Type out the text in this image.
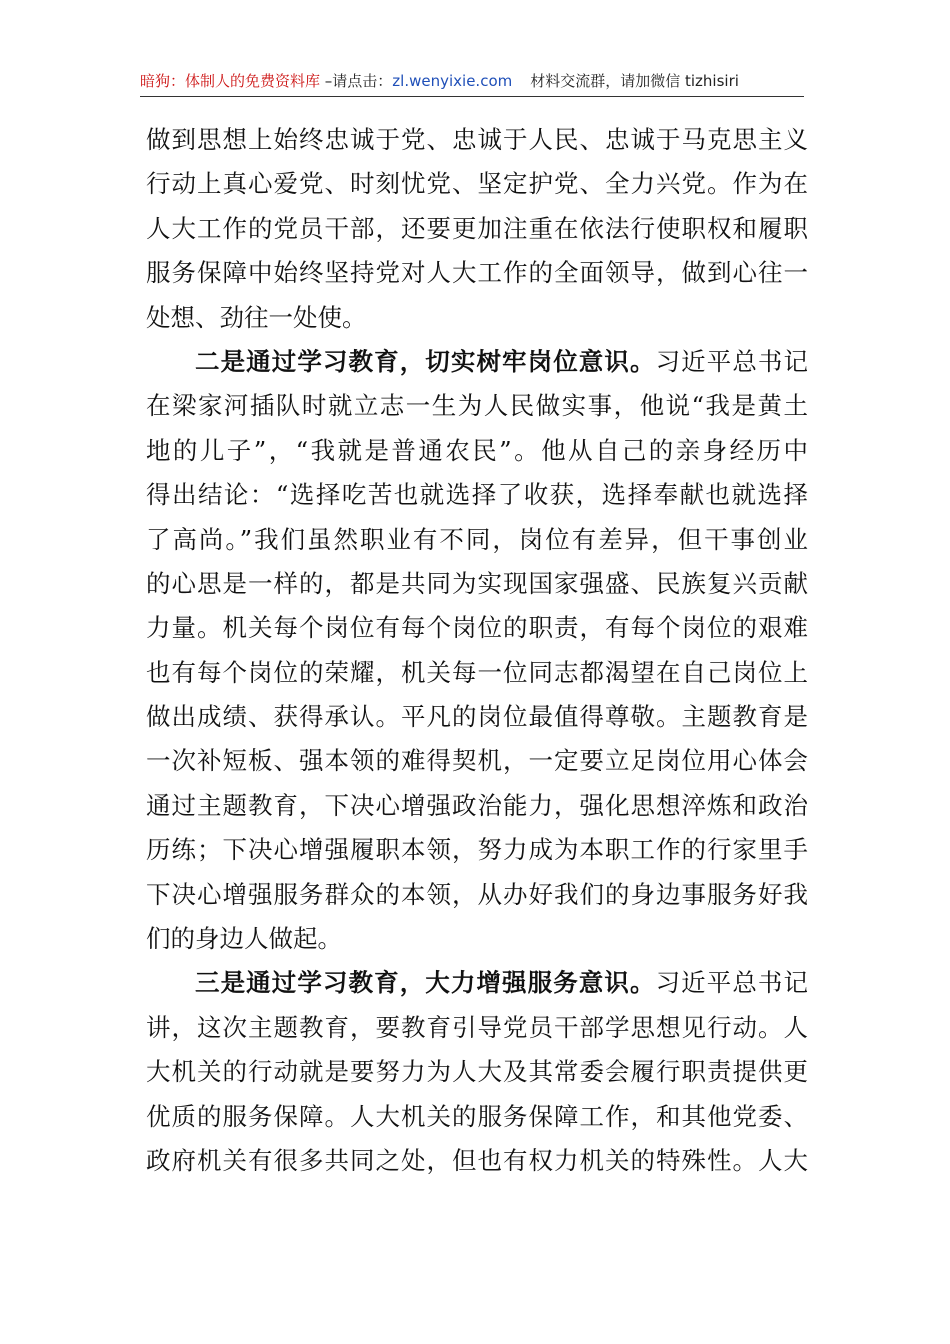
暗狗：体制人的免费资料库 –请点击：zl.wenyixie.com 材料交流群，请加微信 tizhisiri
做到思想上始终忠诚于党、忠诚于人民、忠诚于马克思主义
行动上真心爱党、时刻忧党、坚定护党、全力兴党。作为在
人大工作的党员干部，还要更加注重在依法行使职权和履职
服务保障中始终坚持党对人大工作的全面领导，做到心往一
处想、劲往一处使。
二是通过学习教育，切实树牢岗位意识。习近平总书记
在梁家河插队时就立志一生为人民做实事，他说“我是黄土
地的儿子”，“我就是普通农民”。他从自己的亲身经历中
得出结论：“选择吃苦也就选择了收获，选择奉献也就选择
了高尚。”我们虽然职业有不同，岗位有差异，但干事创业
的心思是一样的，都是共同为实现国家强盛、民族复兴贡献
力量。机关每个岗位有每个岗位的职责，有每个岗位的艰难
也有每个岗位的荣耀，机关每一位同志都渴望在自己岗位上
做出成绩、获得承认。平凡的岗位最值得尊敬。主题教育是
一次补短板、强本领的难得契机，一定要立足岗位用心体会
通过主题教育，下决心增强政治能力，强化思想淬炼和政治
历练；下决心增强履职本领，努力成为本职工作的行家里手
下决心增强服务群众的本领，从办好我们的身边事服务好我
们的身边人做起。
三是通过学习教育，大力增强服务意识。习近平总书记
讲，这次主题教育，要教育引导党员干部学思想见行动。人
大机关的行动就是要努力为人大及其常委会履行职责提供更
优质的服务保障。人大机关的服务保障工作，和其他党委、
政府机关有很多共同之处，但也有权力机关的特殊性。人大
